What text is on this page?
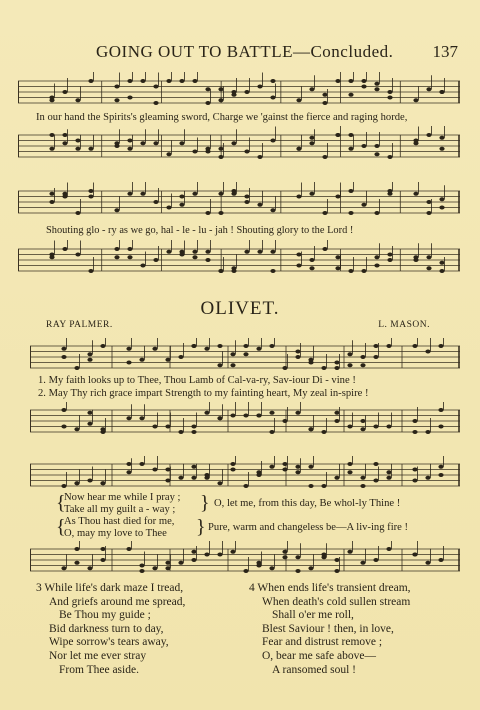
GOING OUT TO BATTLE—Concluded. 137
In our hand the Spirits's gleaming sword, Charge we 'gainst the fierce and raging horde,
Shouting glo - ry as we go, hal - le - lu - jah ! Shouting glory to the Lord !
OLIVET.
RAY PALMER.	L. MASON.
1. My faith looks up to Thee, Thou Lamb of Cal-va-ry, Sav-iour Di - vine !
2. May Thy rich grace impart Strength to my fainting heart, My zeal in-spire !
{
Now hear me while I pray ;
Take all my guilt a - way ; } O, let me, from this day, Be whol-ly Thine !
{
As Thou hast died for me,
O, may my love to Thee } Pure, warm and changeless be—A liv-ing fire !
3 While life's dark maze I tread,
And griefs around me spread,
Be Thou my guide ;
Bid darkness turn to day,
Wipe sorrow's tears away,
Nor let me ever stray
From Thee aside.
4 When ends life's transient dream,
When death's cold sullen stream
Shall o'er me roll,
Blest Saviour ! then, in love,
Fear and distrust remove ;
O, bear me safe above—
A ransomed soul !
